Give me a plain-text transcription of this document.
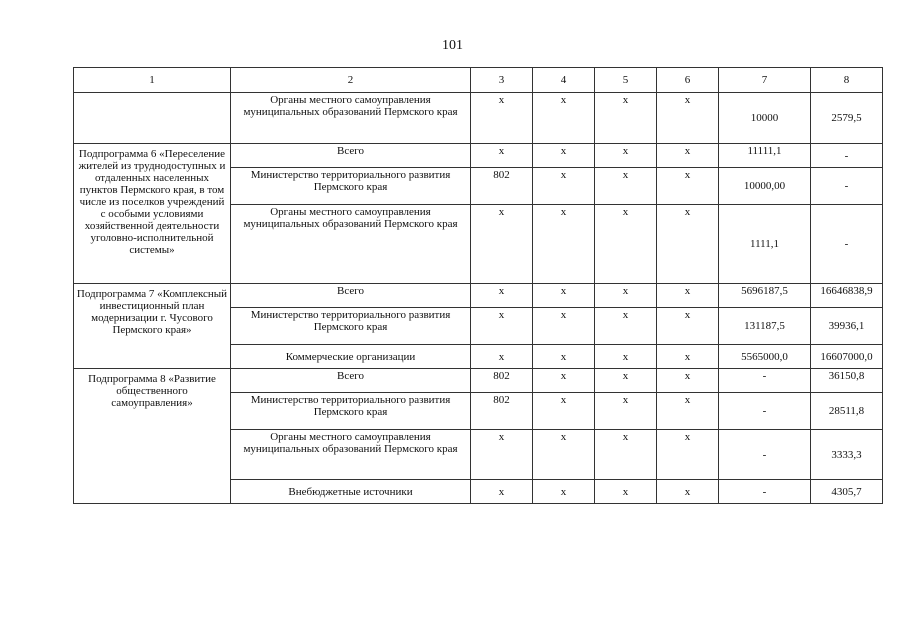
101
1	2	3	4	5	6	7	8
	Органы местного самоуправления муниципальных образований Пермского края	х	х	х	х	10000	2579,5
Подпрограмма 6 «Переселение жителей из труднодоступных и отдаленных населенных пунктов Пермского края, в том числе из поселков учреждений с особыми условиями хозяйственной деятельности уголовно-исполнительной системы»	Всего	х	х	х	х	11111,1	-
	Министерство территориального развития Пермского края	802	х	х	х	10000,00	-
	Органы местного самоуправления муниципальных образований Пермского края	х	х	х	х	1111,1	-
Подпрограмма 7 «Комплексный инвестиционный план модернизации г. Чусового Пермского края»	Всего	х	х	х	х	5696187,5	16646838,9
	Министерство территориального развития Пермского края	х	х	х	х	131187,5	39936,1
	Коммерческие организации	х	х	х	х	5565000,0	16607000,0
Подпрограмма 8 «Развитие общественного самоуправления»	Всего	802	х	х	х	-	36150,8
	Министерство территориального развития Пермского края	802	х	х	х	-	28511,8
	Органы местного самоуправления муниципальных образований Пермского края	х	х	х	х	-	3333,3
	Внебюджетные источники	х	х	х	х	-	4305,7
